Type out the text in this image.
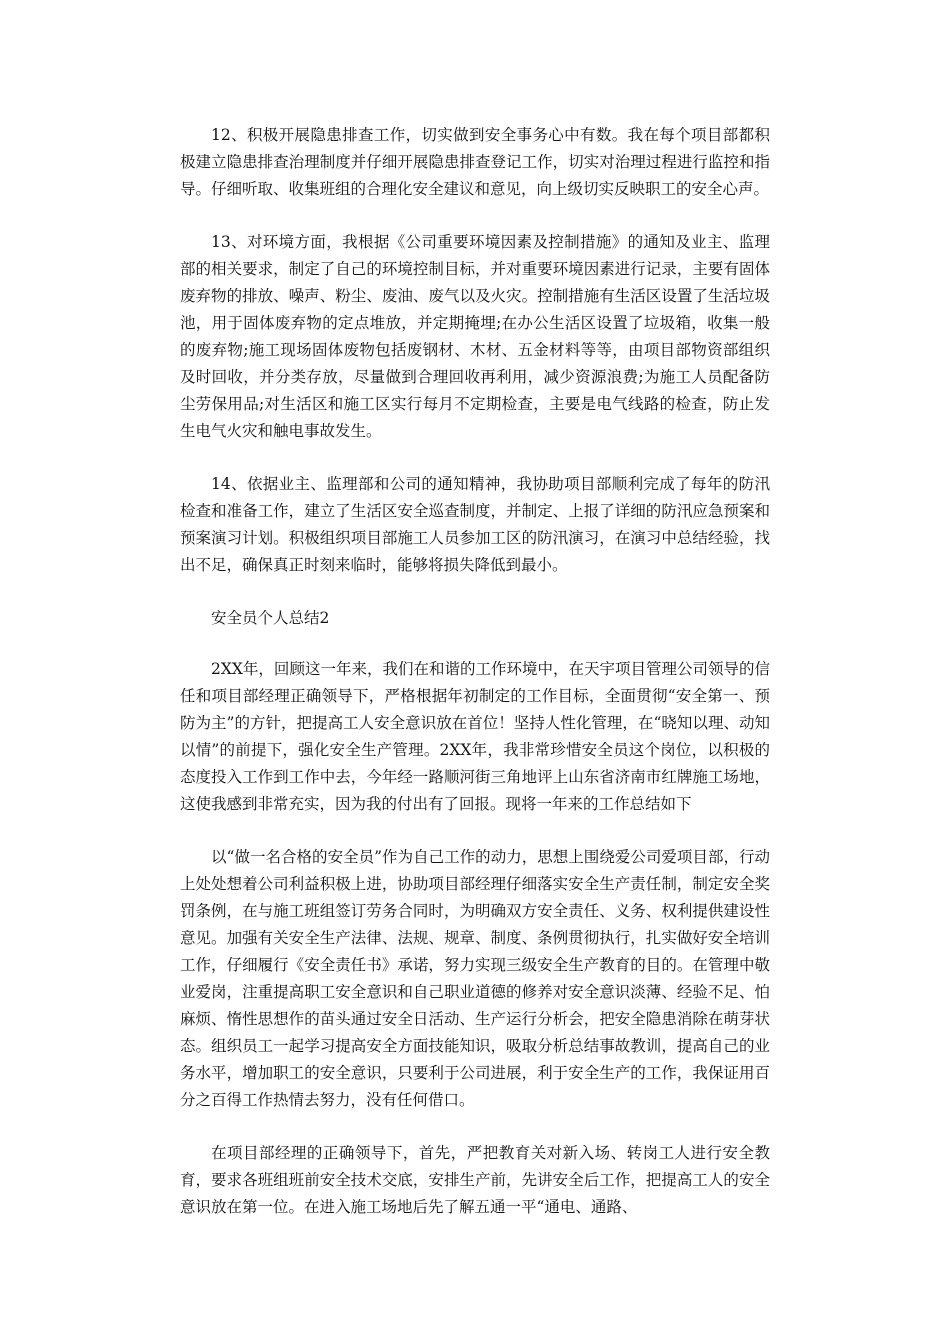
12、积极开展隐患排查工作，切实做到安全事务心中有数。我在每个项目部都积极建立隐患排查治理制度并仔细开展隐患排查登记工作，切实对治理过程进行监控和指导。仔细听取、收集班组的合理化安全建议和意见，向上级切实反映职工的安全心声。

13、对环境方面，我根据《公司重要环境因素及控制措施》的通知及业主、监理部的相关要求，制定了自己的环境控制目标，并对重要环境因素进行记录，主要有固体废弃物的排放、噪声、粉尘、废油、废气以及火灾。控制措施有生活区设置了生活垃圾池，用于固体废弃物的定点堆放，并定期掩埋;在办公生活区设置了垃圾箱，收集一般的废弃物;施工现场固体废物包括废钢材、木材、五金材料等等，由项目部物资部组织及时回收，并分类存放，尽量做到合理回收再利用，减少资源浪费;为施工人员配备防尘劳保用品;对生活区和施工区实行每月不定期检查，主要是电气线路的检查，防止发生电气火灾和触电事故发生。

14、依据业主、监理部和公司的通知精神，我协助项目部顺利完成了每年的防汛检查和准备工作，建立了生活区安全巡查制度，并制定、上报了详细的防汛应急预案和预案演习计划。积极组织项目部施工人员参加工区的防汛演习，在演习中总结经验，找出不足，确保真正时刻来临时，能够将损失降低到最小。

安全员个人总结2

2XX年，回顾这一年来，我们在和谐的工作环境中，在天宇项目管理公司领导的信任和项目部经理正确领导下，严格根据年初制定的工作目标，全面贯彻“安全第一、预防为主”的方针，把提高工人安全意识放在首位！坚持人性化管理，在“晓知以理、动知以情”的前提下，强化安全生产管理。2XX年，我非常珍惜安全员这个岗位，以积极的态度投入工作到工作中去，今年经一路顺河街三角地评上山东省济南市红牌施工场地，这使我感到非常充实，因为我的付出有了回报。现将一年来的工作总结如下

以“做一名合格的安全员”作为自己工作的动力，思想上围绕爱公司爱项目部，行动上处处想着公司利益积极上进，协助项目部经理仔细落实安全生产责任制，制定安全奖罚条例，在与施工班组签订劳务合同时，为明确双方安全责任、义务、权利提供建设性意见。加强有关安全生产法律、法规、规章、制度、条例贯彻执行，扎实做好安全培训工作，仔细履行《安全责任书》承诺，努力实现三级安全生产教育的目的。在管理中敬业爱岗，注重提高职工安全意识和自己职业道德的修养对安全意识淡薄、经验不足、怕麻烦、惰性思想作的苗头通过安全日活动、生产运行分析会，把安全隐患消除在萌芽状态。组织员工一起学习提高安全方面技能知识，吸取分析总结事故教训，提高自己的业务水平，增加职工的安全意识，只要利于公司进展，利于安全生产的工作，我保证用百分之百得工作热情去努力，没有任何借口。

在项目部经理的正确领导下，首先，严把教育关对新入场、转岗工人进行安全教育，要求各班组班前安全技术交底，安排生产前，先讲安全后工作，把提高工人的安全意识放在第一位。在进入施工场地后先了解五通一平“通电、通路、
